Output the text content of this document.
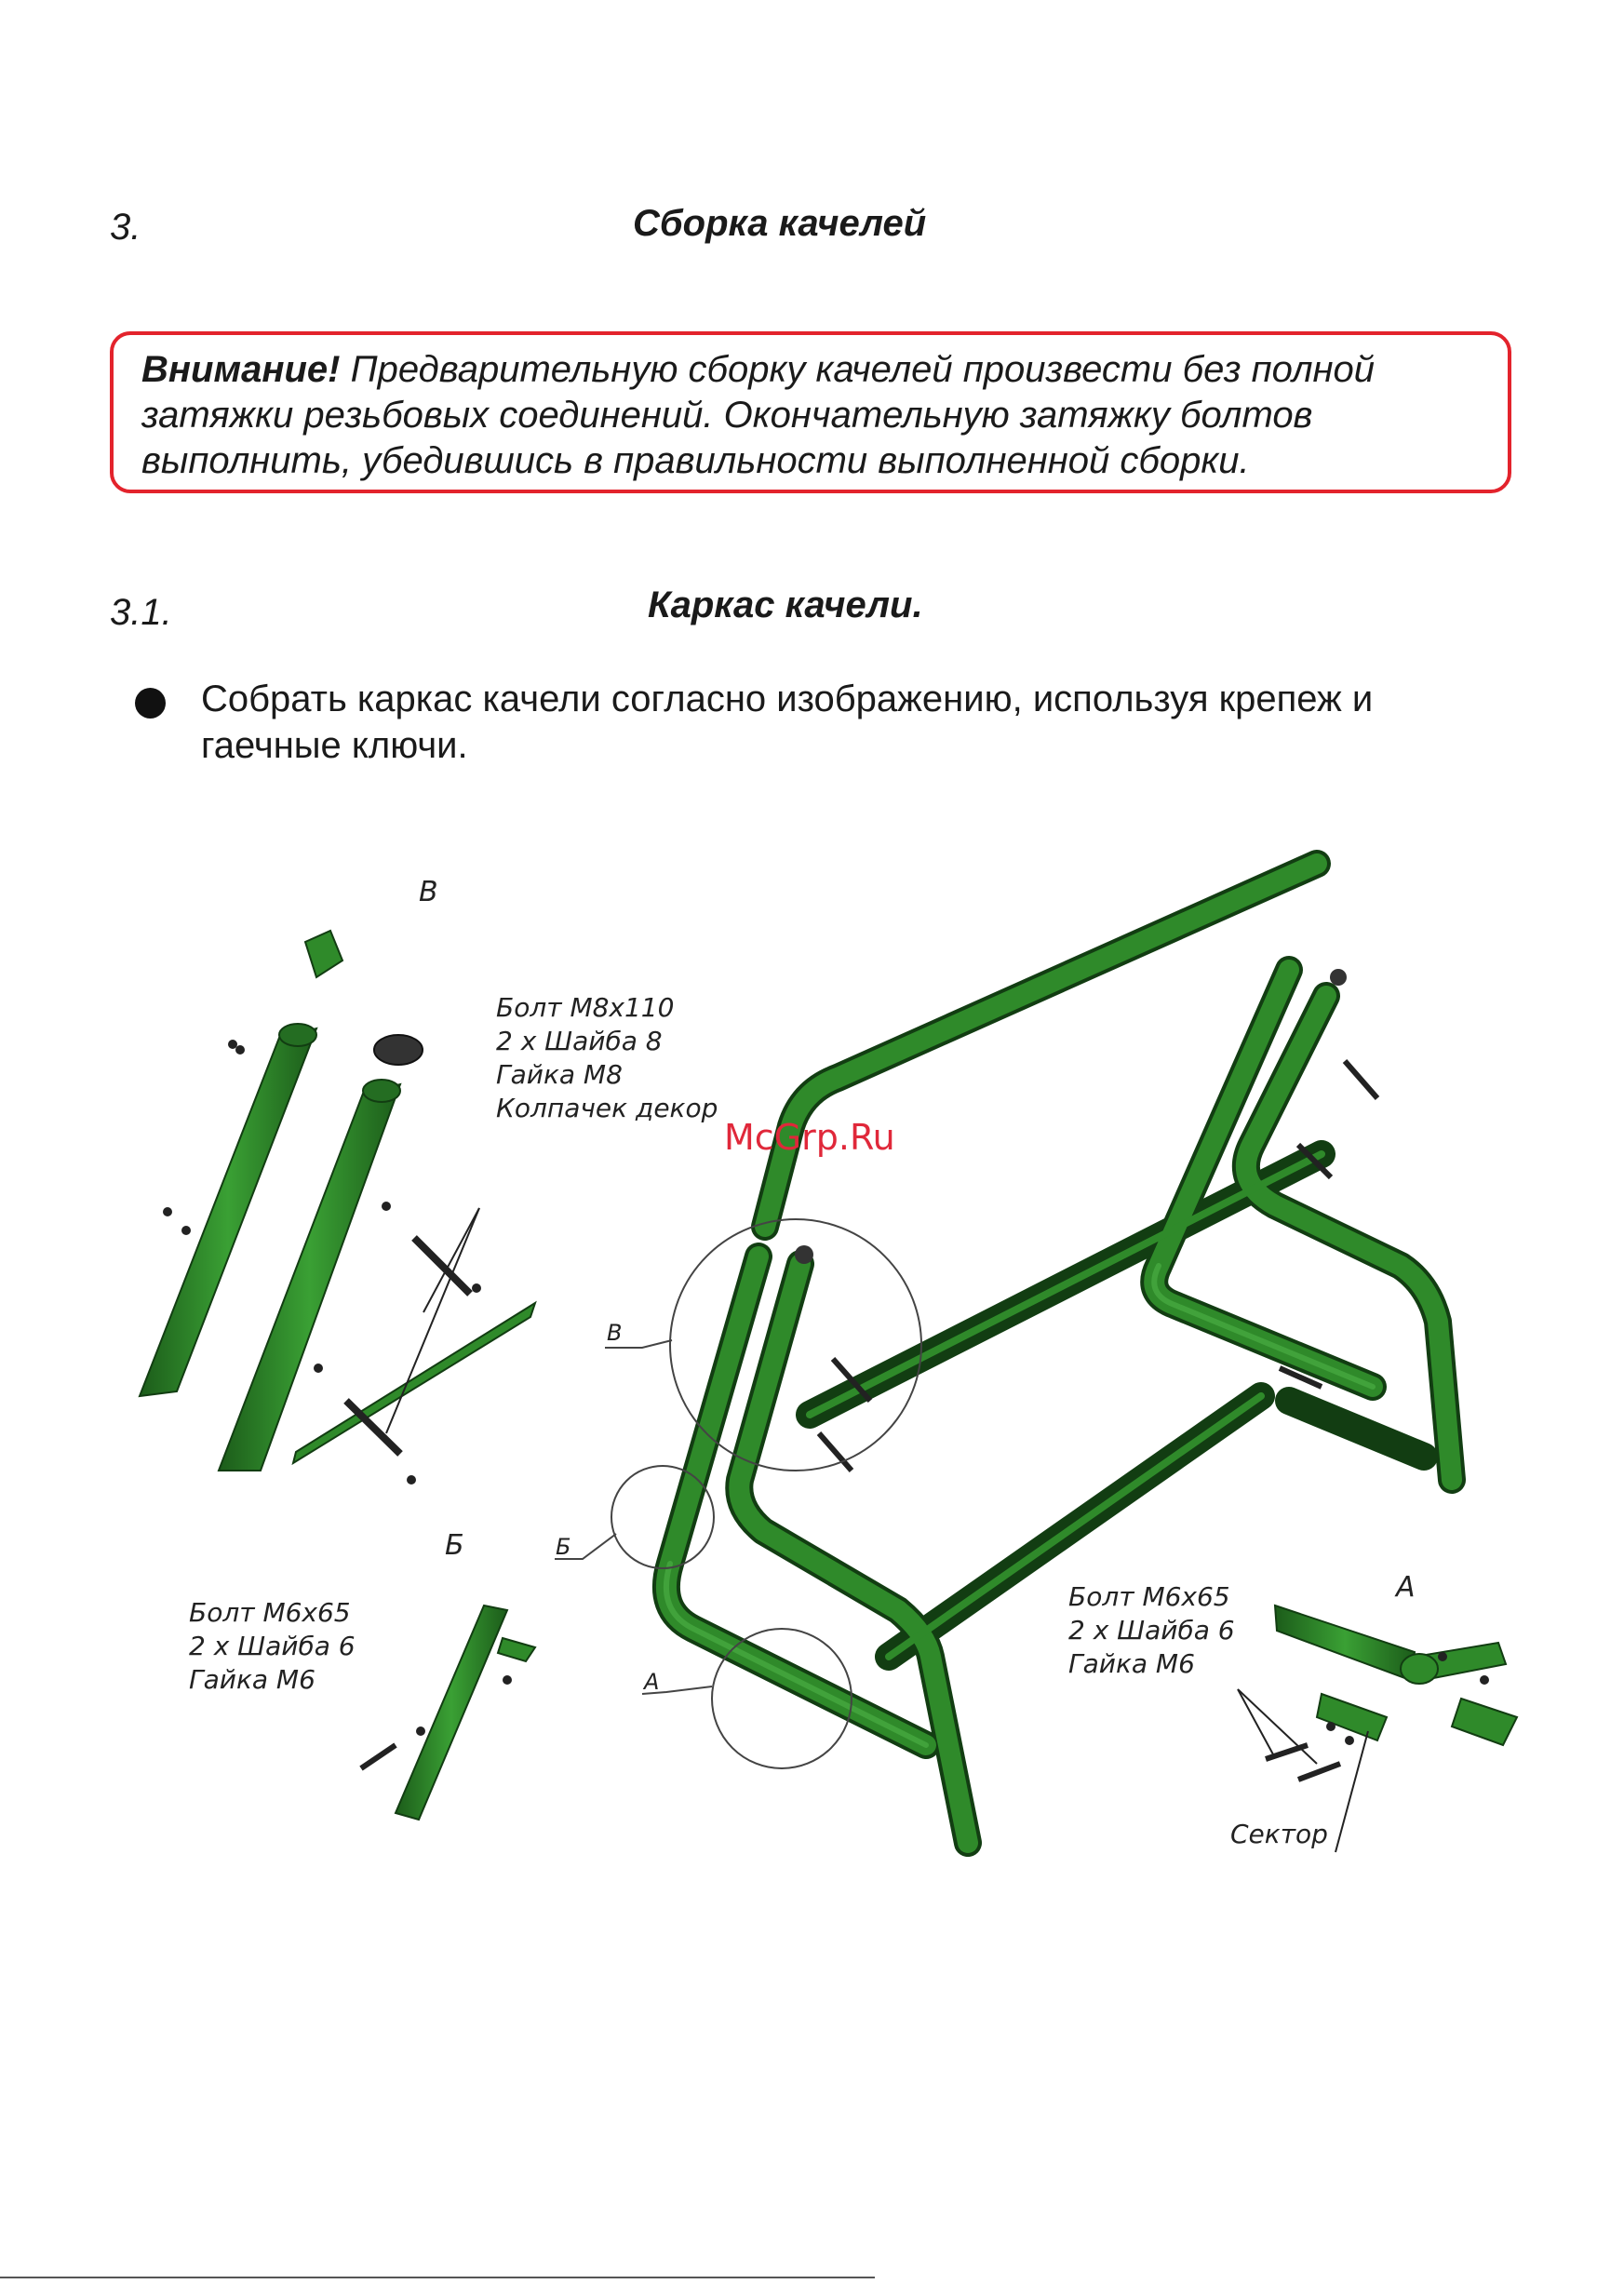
3.	Сборка качелей
Внимание! Предварительную сборку качелей произвести без полной затяжки резьбовых соединений. Окончательную затяжку болтов выполнить, убедившись в правильности выполненной сборки.
3.1.	Каркас качели.
Собрать каркас качели согласно изображению, используя крепеж и гаечные ключи.
В
Болт М8х110
2 х Шайба 8
Гайка М8
Колпачек декор
В
Б
А
Б
Болт М6х65
2 х Шайба 6
Гайка М6
А
Болт М6х65
2 х Шайба 6
Гайка М6
Сектор
McGrp.Ru
